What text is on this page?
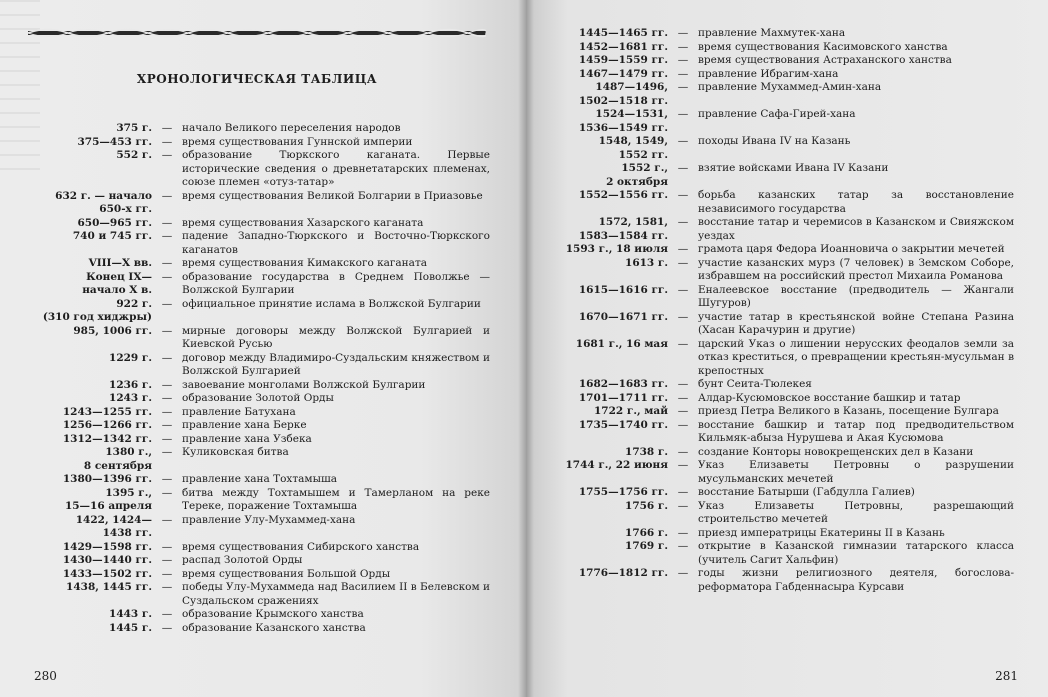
ХРОНОЛОГИЧЕСКАЯ ТАБЛИЦА
375 г. — начало Великого переселения народов
375—453 гг. — время существования Гуннской империи
552 г. — образование Тюркского каганата. Первые исторические сведения о древнетатарских племенах, союзе племен «отуз-татар»
632 г. — начало
650-х гг.
— время существования Великой Болгарии в Приазовье
650—965 гг. — время существования Хазарского каганата
740 и 745 гг. — падение Западно-Тюркского и Восточно-Тюркского каганатов
VIII—X вв. — время существования Кимакского каганата
Конец IX—
начало X в.
— образование государства в Среднем Поволжье — Волжской Булгарии
922 г.
(310 год хиджры)
— официальное принятие ислама в Волжской Булгарии
985, 1006 гг. — мирные договоры между Волжской Булгарией и Киевской Русью
1229 г. — договор между Владимиро-Суздальским княжеством и Волжской Булгарией
1236 г. — завоевание монголами Волжской Булгарии
1243 г. — образование Золотой Орды
1243—1255 гг. — правление Батухана
1256—1266 гг. — правление хана Берке
1312—1342 гг. — правление хана Узбека
1380 г.,
8 сентября
— Куликовская битва
1380—1396 гг. — правление хана Тохтамыша
1395 г.,
15—16 апреля
— битва между Тохтамышем и Тамерланом на реке Тереке, поражение Тохтамыша
1422, 1424—
1438 гг.
— правление Улу-Мухаммед-хана
1429—1598 гг. — время существования Сибирского ханства
1430—1440 гг. — распад Золотой Орды
1433—1502 гг. — время существования Большой Орды
1438, 1445 гг. — победы Улу-Мухаммеда над Василием II в Белевском и Суздальском сражениях
1443 г. — образование Крымского ханства
1445 г. — образование Казанского ханства
280
1445—1465 гг. — правление Махмутек-хана
1452—1681 гг. — время существования Касимовского ханства
1459—1559 гг. — время существования Астраханского ханства
1467—1479 гг. — правление Ибрагим-хана
1487—1496,
1502—1518 гг.
— правление Мухаммед-Амин-хана
1524—1531,
1536—1549 гг.
— правление Сафа-Гирей-хана
1548, 1549,
1552 гг.
— походы Ивана IV на Казань
1552 г.,
2 октября
— взятие войсками Ивана IV Казани
1552—1556 гг. — борьба казанских татар за восстановление независимого государства
1572, 1581,
1583—1584 гг.
— восстание татар и черемисов в Казанском и Свияжском уездах
1593 г., 18 июля — грамота царя Федора Иоанновича о закрытии мечетей
1613 г. — участие казанских мурз (7 человек) в Земском Соборе, избравшем на российский престол Михаила Романова
1615—1616 гг. — Еналеевское восстание (предводитель — Жангали Шугуров)
1670—1671 гг. — участие татар в крестьянской войне Степана Разина (Хасан Карачурин и другие)
1681 г., 16 мая — царский Указ о лишении нерусских феодалов земли за отказ креститься, о превращении крестьян-мусульман в крепостных
1682—1683 гг. — бунт Сеита-Тюлекея
1701—1711 гг. — Алдар-Кусюмовское восстание башкир и татар
1722 г., май — приезд Петра Великого в Казань, посещение Булгара
1735—1740 гг. — восстание башкир и татар под предводительством Кильмяк-абыза Нурушева и Акая Кусюмова
1738 г. — создание Конторы новокрещенских дел в Казани
1744 г., 22 июня — Указ Елизаветы Петровны о разрушении мусульманских мечетей
1755—1756 гг. — восстание Батырши (Габдулла Галиев)
1756 г. — Указ Елизаветы Петровны, разрешающий строительство мечетей
1766 г. — приезд императрицы Екатерины II в Казань
1769 г. — открытие в Казанской гимназии татарского класса (учитель Сагит Хальфин)
1776—1812 гг. — годы жизни религиозного деятеля, богослова-реформатора Габденнасыра Курсави
281
